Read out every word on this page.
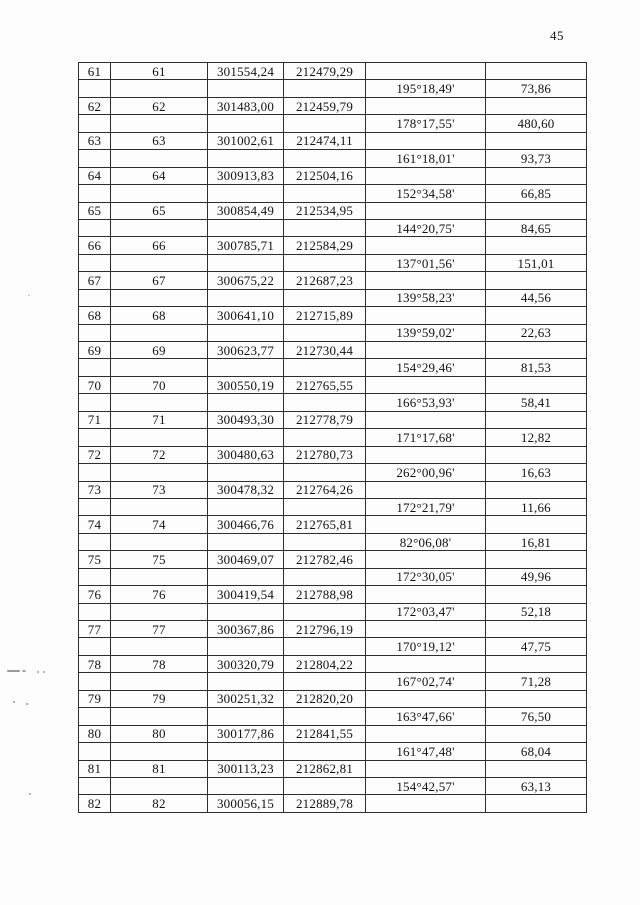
45
61	61	301554,24	212479,29		
				195°18,49'	73,86
62	62	301483,00	212459,79		
				178°17,55'	480,60
63	63	301002,61	212474,11		
				161°18,01'	93,73
64	64	300913,83	212504,16		
				152°34,58'	66,85
65	65	300854,49	212534,95		
				144°20,75'	84,65
66	66	300785,71	212584,29		
				137°01,56'	151,01
67	67	300675,22	212687,23		
				139°58,23'	44,56
68	68	300641,10	212715,89		
				139°59,02'	22,63
69	69	300623,77	212730,44		
				154°29,46'	81,53
70	70	300550,19	212765,55		
				166°53,93'	58,41
71	71	300493,30	212778,79		
				171°17,68'	12,82
72	72	300480,63	212780,73		
				262°00,96'	16,63
73	73	300478,32	212764,26		
				172°21,79'	11,66
74	74	300466,76	212765,81		
				82°06,08'	16,81
75	75	300469,07	212782,46		
				172°30,05'	49,96
76	76	300419,54	212788,98		
				172°03,47'	52,18
77	77	300367,86	212796,19		
				170°19,12'	47,75
78	78	300320,79	212804,22		
				167°02,74'	71,28
79	79	300251,32	212820,20		
				163°47,66'	76,50
80	80	300177,86	212841,55		
				161°47,48'	68,04
81	81	300113,23	212862,81		
				154°42,57'	63,13
82	82	300056,15	212889,78		
